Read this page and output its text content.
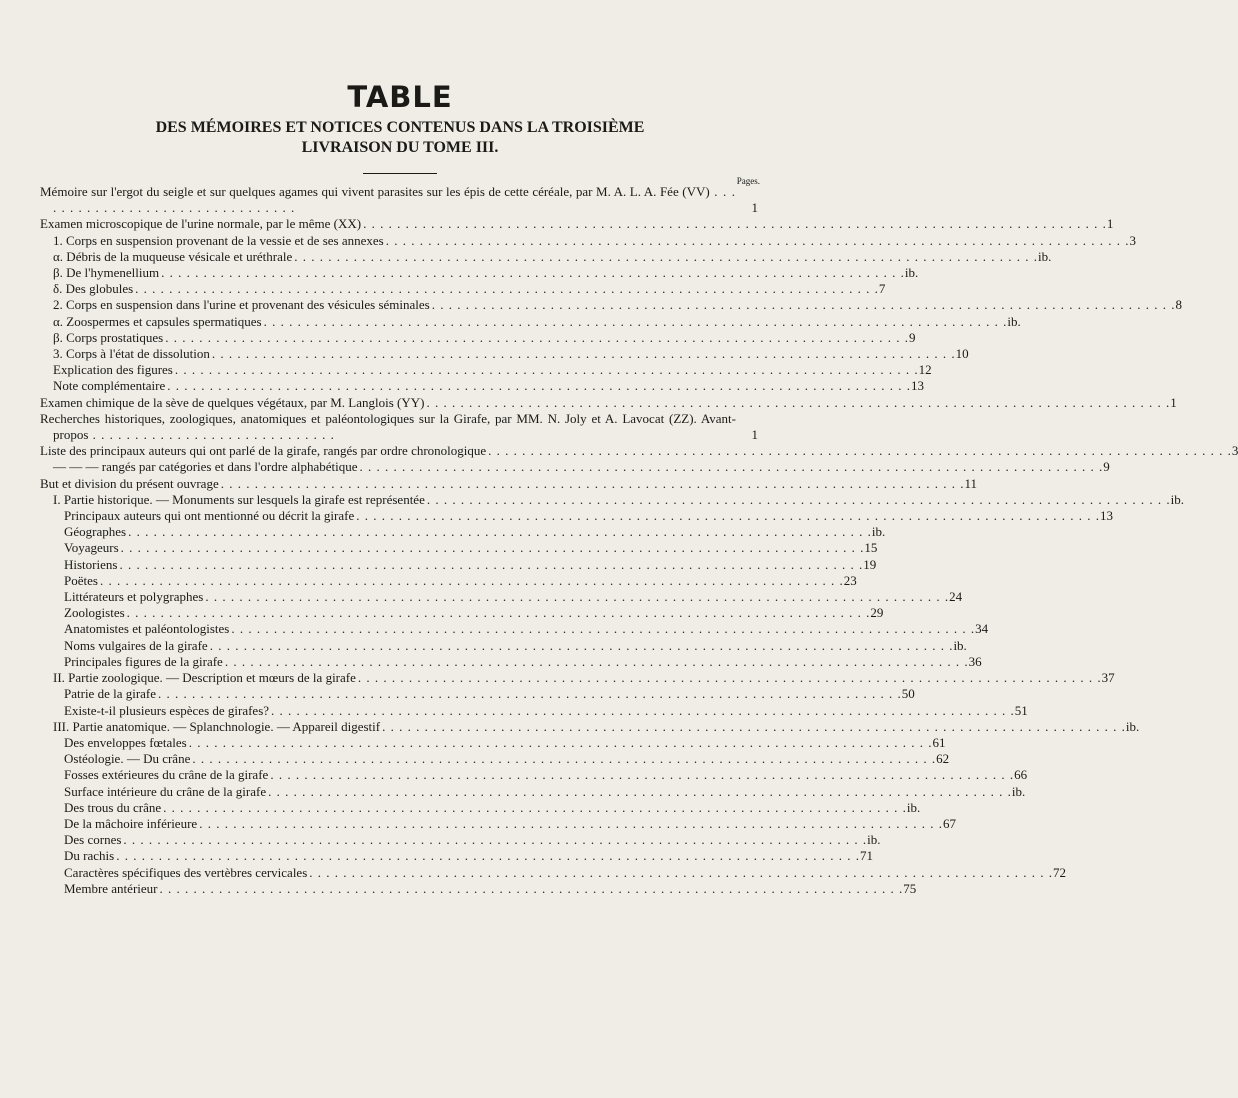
TABLE
DES MÉMOIRES ET NOTICES CONTENUS DANS LA TROISIÈME
LIVRAISON DU TOME III.
Pages.
Mémoire sur l'ergot du seigle et sur quelques agames qui vivent parasites sur les épis de cette céréale, par M. A. L. A. Fée (VV) . . . . . . . . . . . . . . . . . . . . . . . . . . . . . . . .	1
Examen microscopique de l'urine normale, par le même (XX) . . . . . . . . . . . . . . . . . . . . . . . . . . . . . . . . . . . . . . . . . . . . . . . . . . . . . . . . . . . . . . . . . . . . . . . . . . . . . . . . . . . . . . . . 1
1. Corps en suspension provenant de la vessie et de ses annexes . . . . . . . . . . . . . . . . . . . . . . . . . . . . . . . . . . . . . . . . . . . . . . . . . . . . . . . . . . . . . . . . . . . . . . . . . . . . . . . . . . . . . . . . 3
α. Débris de la muqueuse vésicale et uréthrale . . . . . . . . . . . . . . . . . . . . . . . . . . . . . . . . . . . . . . . . . . . . . . . . . . . . . . . . . . . . . . . . . . . . . . . . . . . . . . . . . . . . . . . . ib.
β. De l'hymenellium . . . . . . . . . . . . . . . . . . . . . . . . . . . . . . . . . . . . . . . . . . . . . . . . . . . . . . . . . . . . . . . . . . . . . . . . . . . . . . . . . . . . . . . . ib.
δ. Des globules . . . . . . . . . . . . . . . . . . . . . . . . . . . . . . . . . . . . . . . . . . . . . . . . . . . . . . . . . . . . . . . . . . . . . . . . . . . . . . . . . . . . . . . . 7
2. Corps en suspension dans l'urine et provenant des vésicules séminales . . . . . . . . . . . . . . . . . . . . . . . . . . . . . . . . . . . . . . . . . . . . . . . . . . . . . . . . . . . . . . . . . . . . . . . . . . . . . . . . . . . . . . . . 8
α. Zoospermes et capsules spermatiques . . . . . . . . . . . . . . . . . . . . . . . . . . . . . . . . . . . . . . . . . . . . . . . . . . . . . . . . . . . . . . . . . . . . . . . . . . . . . . . . . . . . . . . . ib.
β. Corps prostatiques . . . . . . . . . . . . . . . . . . . . . . . . . . . . . . . . . . . . . . . . . . . . . . . . . . . . . . . . . . . . . . . . . . . . . . . . . . . . . . . . . . . . . . . . 9
3. Corps à l'état de dissolution . . . . . . . . . . . . . . . . . . . . . . . . . . . . . . . . . . . . . . . . . . . . . . . . . . . . . . . . . . . . . . . . . . . . . . . . . . . . . . . . . . . . . . . . 10
Explication des figures . . . . . . . . . . . . . . . . . . . . . . . . . . . . . . . . . . . . . . . . . . . . . . . . . . . . . . . . . . . . . . . . . . . . . . . . . . . . . . . . . . . . . . . . 12
Note complémentaire . . . . . . . . . . . . . . . . . . . . . . . . . . . . . . . . . . . . . . . . . . . . . . . . . . . . . . . . . . . . . . . . . . . . . . . . . . . . . . . . . . . . . . . . 13
Examen chimique de la sève de quelques végétaux, par M. Langlois (YY) . . . . . . . . . . . . . . . . . . . . . . . . . . . . . . . . . . . . . . . . . . . . . . . . . . . . . . . . . . . . . . . . . . . . . . . . . . . . . . . . . . . . . . . . 1
Recherches historiques, zoologiques, anatomiques et paléontologiques sur la Girafe, par MM. N. Joly et A. Lavocat (ZZ). Avant-propos . . . . . . . . . . . . . . . . . . . . . . . . . . . . .	1
Liste des principaux auteurs qui ont parlé de la girafe, rangés par ordre chronologique . . . . . . . . . . . . . . . . . . . . . . . . . . . . . . . . . . . . . . . . . . . . . . . . . . . . . . . . . . . . . . . . . . . . . . . . . . . . . . . . . . . . . . . . 3
— — — rangés par catégories et dans l'ordre alphabétique . . . . . . . . . . . . . . . . . . . . . . . . . . . . . . . . . . . . . . . . . . . . . . . . . . . . . . . . . . . . . . . . . . . . . . . . . . . . . . . . . . . . . . . . 9
But et division du présent ouvrage . . . . . . . . . . . . . . . . . . . . . . . . . . . . . . . . . . . . . . . . . . . . . . . . . . . . . . . . . . . . . . . . . . . . . . . . . . . . . . . . . . . . . . . . 11
I. Partie historique. — Monuments sur lesquels la girafe est représentée . . . . . . . . . . . . . . . . . . . . . . . . . . . . . . . . . . . . . . . . . . . . . . . . . . . . . . . . . . . . . . . . . . . . . . . . . . . . . . . . . . . . . . . . ib.
Principaux auteurs qui ont mentionné ou décrit la girafe . . . . . . . . . . . . . . . . . . . . . . . . . . . . . . . . . . . . . . . . . . . . . . . . . . . . . . . . . . . . . . . . . . . . . . . . . . . . . . . . . . . . . . . . 13
Géographes . . . . . . . . . . . . . . . . . . . . . . . . . . . . . . . . . . . . . . . . . . . . . . . . . . . . . . . . . . . . . . . . . . . . . . . . . . . . . . . . . . . . . . . . ib.
Voyageurs . . . . . . . . . . . . . . . . . . . . . . . . . . . . . . . . . . . . . . . . . . . . . . . . . . . . . . . . . . . . . . . . . . . . . . . . . . . . . . . . . . . . . . . . 15
Historiens . . . . . . . . . . . . . . . . . . . . . . . . . . . . . . . . . . . . . . . . . . . . . . . . . . . . . . . . . . . . . . . . . . . . . . . . . . . . . . . . . . . . . . . . 19
Poëtes . . . . . . . . . . . . . . . . . . . . . . . . . . . . . . . . . . . . . . . . . . . . . . . . . . . . . . . . . . . . . . . . . . . . . . . . . . . . . . . . . . . . . . . . 23
Littérateurs et polygraphes . . . . . . . . . . . . . . . . . . . . . . . . . . . . . . . . . . . . . . . . . . . . . . . . . . . . . . . . . . . . . . . . . . . . . . . . . . . . . . . . . . . . . . . . 24
Zoologistes . . . . . . . . . . . . . . . . . . . . . . . . . . . . . . . . . . . . . . . . . . . . . . . . . . . . . . . . . . . . . . . . . . . . . . . . . . . . . . . . . . . . . . . . 29
Anatomistes et paléontologistes . . . . . . . . . . . . . . . . . . . . . . . . . . . . . . . . . . . . . . . . . . . . . . . . . . . . . . . . . . . . . . . . . . . . . . . . . . . . . . . . . . . . . . . . 34
Noms vulgaires de la girafe . . . . . . . . . . . . . . . . . . . . . . . . . . . . . . . . . . . . . . . . . . . . . . . . . . . . . . . . . . . . . . . . . . . . . . . . . . . . . . . . . . . . . . . . ib.
Principales figures de la girafe . . . . . . . . . . . . . . . . . . . . . . . . . . . . . . . . . . . . . . . . . . . . . . . . . . . . . . . . . . . . . . . . . . . . . . . . . . . . . . . . . . . . . . . . 36
II. Partie zoologique. — Description et mœurs de la girafe . . . . . . . . . . . . . . . . . . . . . . . . . . . . . . . . . . . . . . . . . . . . . . . . . . . . . . . . . . . . . . . . . . . . . . . . . . . . . . . . . . . . . . . . 37
Patrie de la girafe . . . . . . . . . . . . . . . . . . . . . . . . . . . . . . . . . . . . . . . . . . . . . . . . . . . . . . . . . . . . . . . . . . . . . . . . . . . . . . . . . . . . . . . . 50
Existe-t-il plusieurs espèces de girafes? . . . . . . . . . . . . . . . . . . . . . . . . . . . . . . . . . . . . . . . . . . . . . . . . . . . . . . . . . . . . . . . . . . . . . . . . . . . . . . . . . . . . . . . . 51
III. Partie anatomique. — Splanchnologie. — Appareil digestif . . . . . . . . . . . . . . . . . . . . . . . . . . . . . . . . . . . . . . . . . . . . . . . . . . . . . . . . . . . . . . . . . . . . . . . . . . . . . . . . . . . . . . . . ib.
Des enveloppes fœtales . . . . . . . . . . . . . . . . . . . . . . . . . . . . . . . . . . . . . . . . . . . . . . . . . . . . . . . . . . . . . . . . . . . . . . . . . . . . . . . . . . . . . . . . 61
Ostéologie. — Du crâne . . . . . . . . . . . . . . . . . . . . . . . . . . . . . . . . . . . . . . . . . . . . . . . . . . . . . . . . . . . . . . . . . . . . . . . . . . . . . . . . . . . . . . . . 62
Fosses extérieures du crâne de la girafe . . . . . . . . . . . . . . . . . . . . . . . . . . . . . . . . . . . . . . . . . . . . . . . . . . . . . . . . . . . . . . . . . . . . . . . . . . . . . . . . . . . . . . . . 66
Surface intérieure du crâne de la girafe . . . . . . . . . . . . . . . . . . . . . . . . . . . . . . . . . . . . . . . . . . . . . . . . . . . . . . . . . . . . . . . . . . . . . . . . . . . . . . . . . . . . . . . . ib.
Des trous du crâne . . . . . . . . . . . . . . . . . . . . . . . . . . . . . . . . . . . . . . . . . . . . . . . . . . . . . . . . . . . . . . . . . . . . . . . . . . . . . . . . . . . . . . . . ib.
De la mâchoire inférieure . . . . . . . . . . . . . . . . . . . . . . . . . . . . . . . . . . . . . . . . . . . . . . . . . . . . . . . . . . . . . . . . . . . . . . . . . . . . . . . . . . . . . . . . 67
Des cornes . . . . . . . . . . . . . . . . . . . . . . . . . . . . . . . . . . . . . . . . . . . . . . . . . . . . . . . . . . . . . . . . . . . . . . . . . . . . . . . . . . . . . . . . ib.
Du rachis . . . . . . . . . . . . . . . . . . . . . . . . . . . . . . . . . . . . . . . . . . . . . . . . . . . . . . . . . . . . . . . . . . . . . . . . . . . . . . . . . . . . . . . . 71
Caractères spécifiques des vertèbres cervicales . . . . . . . . . . . . . . . . . . . . . . . . . . . . . . . . . . . . . . . . . . . . . . . . . . . . . . . . . . . . . . . . . . . . . . . . . . . . . . . . . . . . . . . . 72
Membre antérieur . . . . . . . . . . . . . . . . . . . . . . . . . . . . . . . . . . . . . . . . . . . . . . . . . . . . . . . . . . . . . . . . . . . . . . . . . . . . . . . . . . . . . . . . 75
